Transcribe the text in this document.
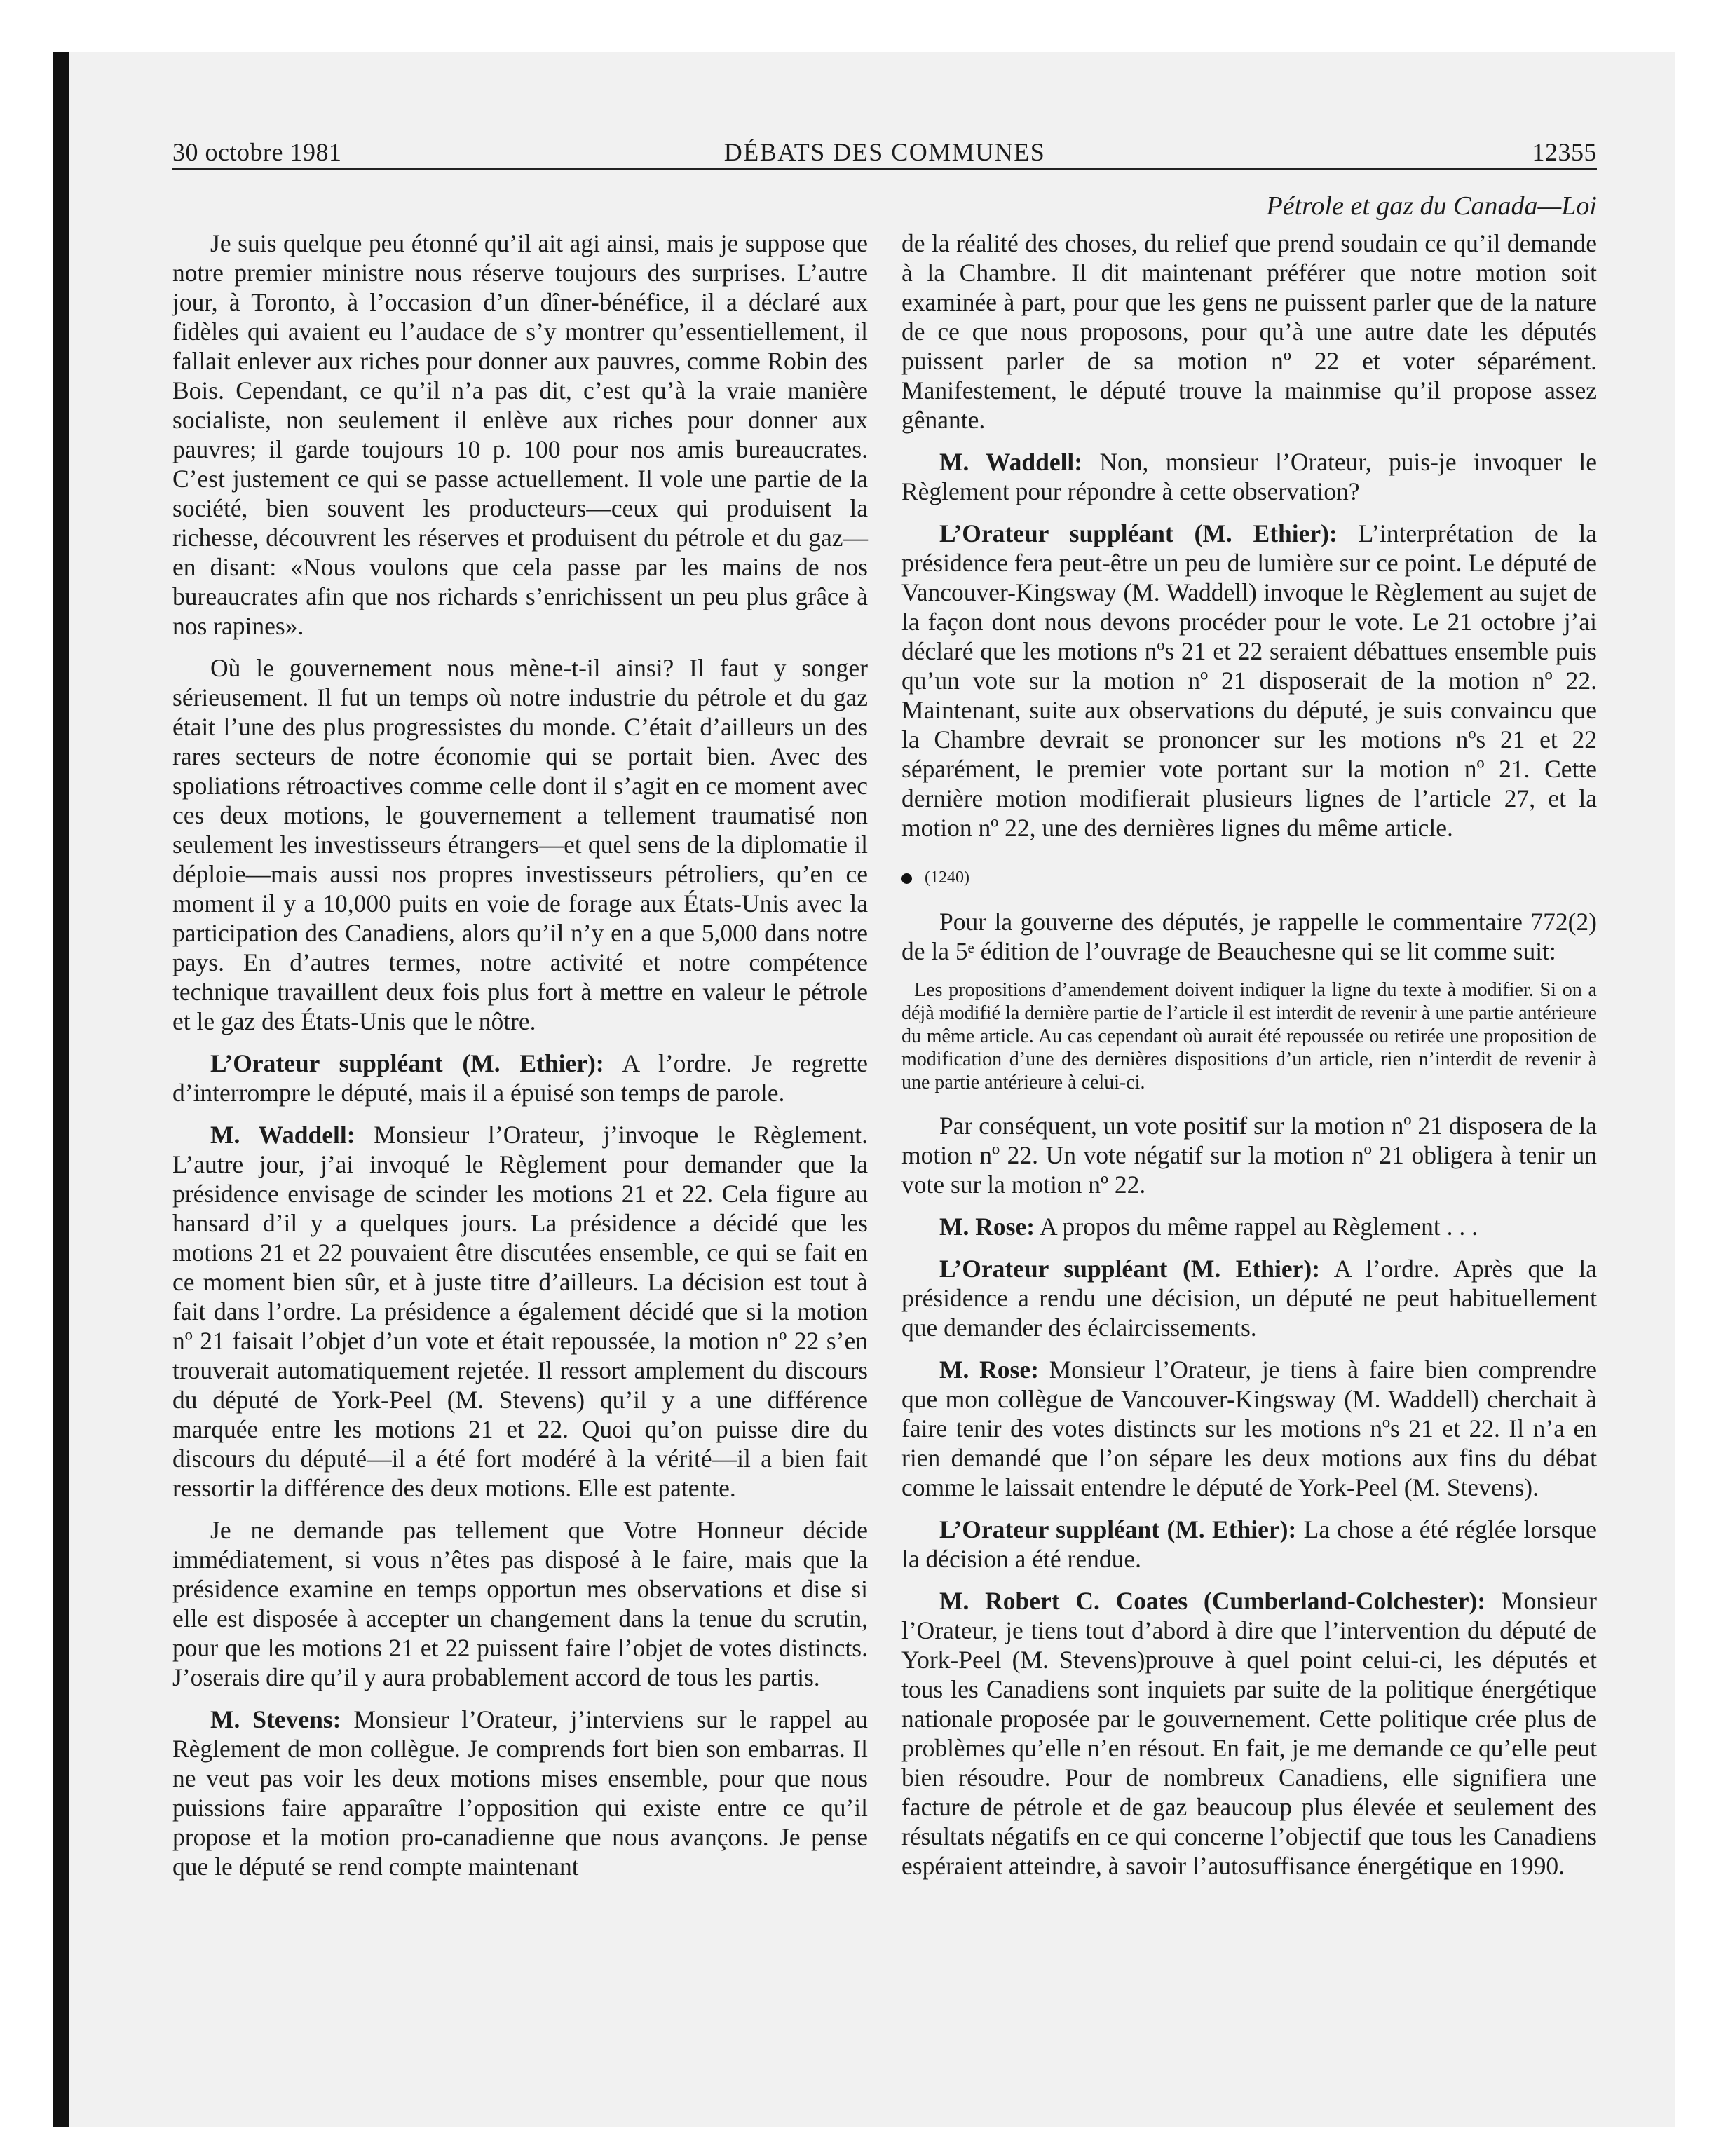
30 octobre 1981	DÉBATS DES COMMUNES	12355
Pétrole et gaz du Canada—Loi

Je suis quelque peu étonné qu’il ait agi ainsi, mais je suppose que notre premier ministre nous réserve toujours des surprises. L’autre jour, à Toronto, à l’occasion d’un dîner-bénéfice, il a déclaré aux fidèles qui avaient eu l’audace de s’y montrer qu’essentiellement, il fallait enlever aux riches pour donner aux pauvres, comme Robin des Bois. Cependant, ce qu’il n’a pas dit, c’est qu’à la vraie manière socialiste, non seulement il enlève aux riches pour donner aux pauvres; il garde toujours 10 p. 100 pour nos amis bureaucrates. C’est justement ce qui se passe actuellement. Il vole une partie de la société, bien souvent les producteurs—ceux qui produisent la richesse, découvrent les réserves et produisent du pétrole et du gaz—en disant: «Nous voulons que cela passe par les mains de nos bureaucrates afin que nos richards s’enrichissent un peu plus grâce à nos rapines».

Où le gouvernement nous mène-t-il ainsi? Il faut y songer sérieusement. Il fut un temps où notre industrie du pétrole et du gaz était l’une des plus progressistes du monde. C’était d’ailleurs un des rares secteurs de notre économie qui se portait bien. Avec des spoliations rétroactives comme celle dont il s’agit en ce moment avec ces deux motions, le gouvernement a tellement traumatisé non seulement les investisseurs étrangers—et quel sens de la diplomatie il déploie—mais aussi nos propres investisseurs pétroliers, qu’en ce moment il y a 10,000 puits en voie de forage aux États-Unis avec la participation des Canadiens, alors qu’il n’y en a que 5,000 dans notre pays. En d’autres termes, notre activité et notre compétence technique travaillent deux fois plus fort à mettre en valeur le pétrole et le gaz des États-Unis que le nôtre.

L’Orateur suppléant (M. Ethier): A l’ordre. Je regrette d’interrompre le député, mais il a épuisé son temps de parole.

M. Waddell: Monsieur l’Orateur, j’invoque le Règlement. L’autre jour, j’ai invoqué le Règlement pour demander que la présidence envisage de scinder les motions 21 et 22. Cela figure au hansard d’il y a quelques jours. La présidence a décidé que les motions 21 et 22 pouvaient être discutées ensemble, ce qui se fait en ce moment bien sûr, et à juste titre d’ailleurs. La décision est tout à fait dans l’ordre. La présidence a également décidé que si la motion nº 21 faisait l’objet d’un vote et était repoussée, la motion nº 22 s’en trouverait automatiquement rejetée. Il ressort amplement du discours du député de York-Peel (M. Stevens) qu’il y a une différence marquée entre les motions 21 et 22. Quoi qu’on puisse dire du discours du député—il a été fort modéré à la vérité—il a bien fait ressortir la différence des deux motions. Elle est patente.

Je ne demande pas tellement que Votre Honneur décide immédiatement, si vous n’êtes pas disposé à le faire, mais que la présidence examine en temps opportun mes observations et dise si elle est disposée à accepter un changement dans la tenue du scrutin, pour que les motions 21 et 22 puissent faire l’objet de votes distincts. J’oserais dire qu’il y aura probablement accord de tous les partis.

M. Stevens: Monsieur l’Orateur, j’interviens sur le rappel au Règlement de mon collègue. Je comprends fort bien son embarras. Il ne veut pas voir les deux motions mises ensemble, pour que nous puissions faire apparaître l’opposition qui existe entre ce qu’il propose et la motion pro-canadienne que nous avançons. Je pense que le député se rend compte maintenant

de la réalité des choses, du relief que prend soudain ce qu’il demande à la Chambre. Il dit maintenant préférer que notre motion soit examinée à part, pour que les gens ne puissent parler que de la nature de ce que nous proposons, pour qu’à une autre date les députés puissent parler de sa motion nº 22 et voter séparément. Manifestement, le député trouve la mainmise qu’il propose assez gênante.

M. Waddell: Non, monsieur l’Orateur, puis-je invoquer le Règlement pour répondre à cette observation?

L’Orateur suppléant (M. Ethier): L’interprétation de la présidence fera peut-être un peu de lumière sur ce point. Le député de Vancouver-Kingsway (M. Waddell) invoque le Règlement au sujet de la façon dont nous devons procéder pour le vote. Le 21 octobre j’ai déclaré que les motions nºs 21 et 22 seraient débattues ensemble puis qu’un vote sur la motion nº 21 disposerait de la motion nº 22. Maintenant, suite aux observations du député, je suis convaincu que la Chambre devrait se prononcer sur les motions nºs 21 et 22 séparément, le premier vote portant sur la motion nº 21. Cette dernière motion modifierait plusieurs lignes de l’article 27, et la motion nº 22, une des dernières lignes du même article.

(1240)

Pour la gouverne des députés, je rappelle le commentaire 772(2) de la 5ᵉ édition de l’ouvrage de Beauchesne qui se lit comme suit:

Les propositions d’amendement doivent indiquer la ligne du texte à modifier. Si on a déjà modifié la dernière partie de l’article il est interdit de revenir à une partie antérieure du même article. Au cas cependant où aurait été repoussée ou retirée une proposition de modification d’une des dernières dispositions d’un article, rien n’interdit de revenir à une partie antérieure à celui-ci.

Par conséquent, un vote positif sur la motion nº 21 disposera de la motion nº 22. Un vote négatif sur la motion nº 21 obligera à tenir un vote sur la motion nº 22.

M. Rose: A propos du même rappel au Règlement . . .

L’Orateur suppléant (M. Ethier): A l’ordre. Après que la présidence a rendu une décision, un député ne peut habituellement que demander des éclaircissements.

M. Rose: Monsieur l’Orateur, je tiens à faire bien comprendre que mon collègue de Vancouver-Kingsway (M. Waddell) cherchait à faire tenir des votes distincts sur les motions nºs 21 et 22. Il n’a en rien demandé que l’on sépare les deux motions aux fins du débat comme le laissait entendre le député de York-Peel (M. Stevens).

L’Orateur suppléant (M. Ethier): La chose a été réglée lorsque la décision a été rendue.

M. Robert C. Coates (Cumberland-Colchester): Monsieur l’Orateur, je tiens tout d’abord à dire que l’intervention du député de York-Peel (M. Stevens)prouve à quel point celui-ci, les députés et tous les Canadiens sont inquiets par suite de la politique énergétique nationale proposée par le gouvernement. Cette politique crée plus de problèmes qu’elle n’en résout. En fait, je me demande ce qu’elle peut bien résoudre. Pour de nombreux Canadiens, elle signifiera une facture de pétrole et de gaz beaucoup plus élevée et seulement des résultats négatifs en ce qui concerne l’objectif que tous les Canadiens espéraient atteindre, à savoir l’autosuffisance énergétique en 1990.
